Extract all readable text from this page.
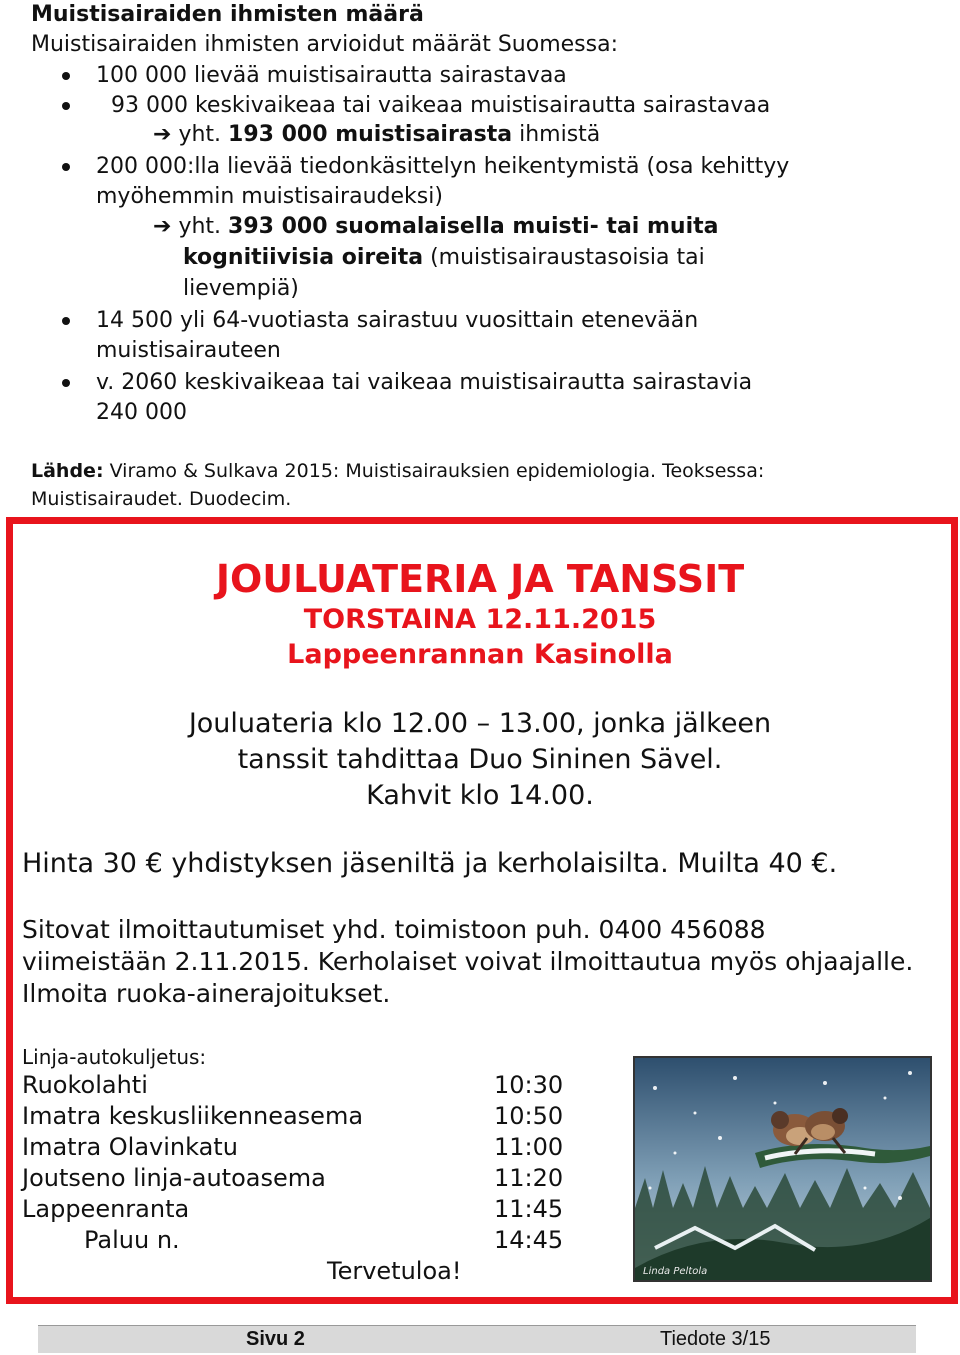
Muistisairaiden ihmisten määrä
Muistisairaiden ihmisten arvioidut määrät Suomessa:
100 000 lievää muistisairautta sairastavaa
93 000 keskivaikeaa tai vaikeaa muistisairautta sairastavaa
➔ yht. 193 000 muistisairasta ihmistä
200 000:lla lievää tiedonkäsittelyn heikentymistä (osa kehittyy
myöhemmin muistisairaudeksi)
➔ yht. 393 000 suomalaisella muisti- tai muita
kognitiivisia oireita (muistisairaustasoisia tai
lievempiä)
14 500 yli 64-vuotiasta sairastuu vuosittain etenevään
muistisairauteen
v. 2060 keskivaikeaa tai vaikeaa muistisairautta sairastavia
240 000
Lähde: Viramo & Sulkava 2015: Muistisairauksien epidemiologia. Teoksessa:
Muistisairaudet. Duodecim.
JOULUATERIA JA TANSSIT
TORSTAINA 12.11.2015
Lappeenrannan Kasinolla
Jouluateria klo 12.00 – 13.00, jonka jälkeen
tanssit tahdittaa Duo Sininen Sävel.
Kahvit klo 14.00.
Hinta 30 € yhdistyksen jäseniltä ja kerholaisilta. Muilta 40 €.
Sitovat ilmoittautumiset yhd. toimistoon puh. 0400 456088
viimeistään 2.11.2015. Kerholaiset voivat ilmoittautua myös ohjaajalle.
Ilmoita ruoka-ainerajoitukset.
Linja-autokuljetus:
Ruokolahti	10:30
Imatra keskusliikenneasema	10:50
Imatra Olavinkatu	11:00
Joutseno linja-autoasema	11:20
Lappeenranta	11:45
Paluu n.	14:45
Tervetuloa!	Linda Peltola
Sivu 2	Tiedote 3/15
